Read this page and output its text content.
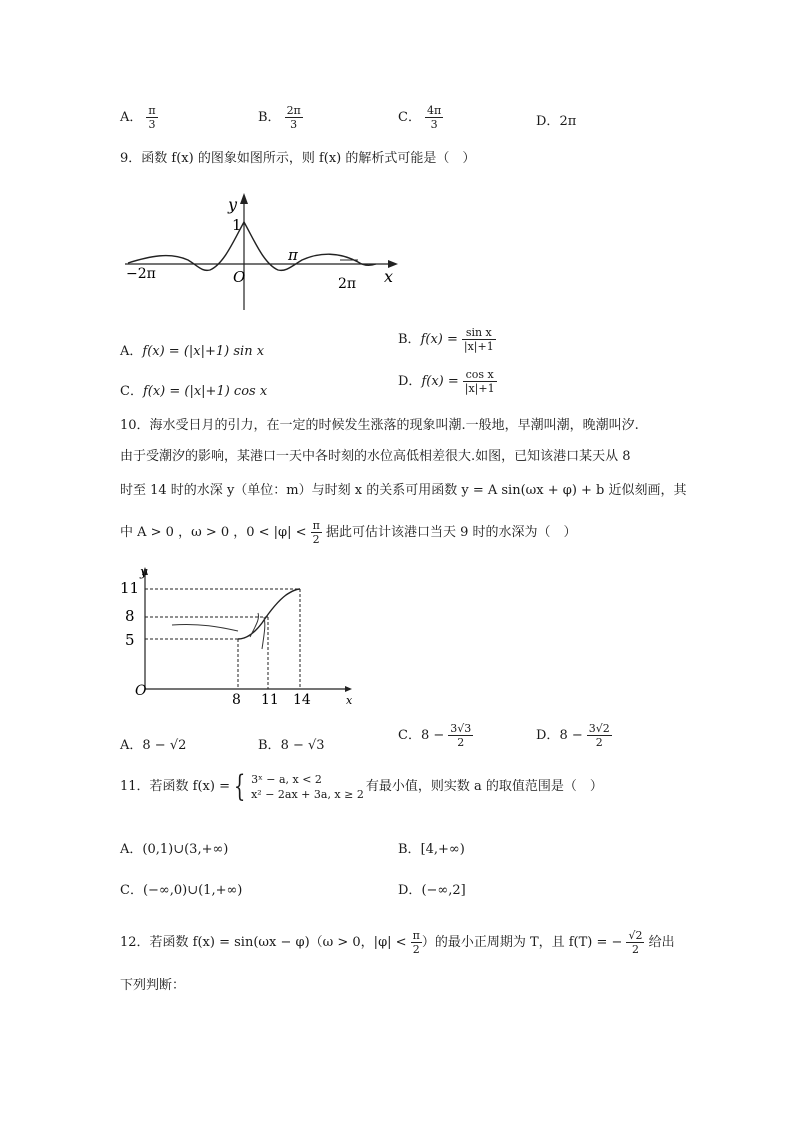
A． $\frac{\pi}{3}$	B． $\frac{2\pi}{3}$	C． $\frac{4\pi}{3}$	D．2π
9．函数 f(x) 的图象如图所示，则 f(x) 的解析式可能是（　）
y
1
O
π
−2π
2π x
A．f(x) = (|x|+1) sin x
B．$f(x) = \frac{\text{sin x}}{|x|+1}$
C．f(x) = (|x|+1) cos x
D．$f(x) = \frac{\text{cos x}}{|x|+1}$
10．海水受日月的引力，在一定的时候发生涨落的现象叫潮.一般地，早潮叫潮，晚潮叫汐.
由于受潮汐的影响，某港口一天中各时刻的水位高低相差很大.如图，已知该港口某天从 8
时至 14 时的水深 y（单位：m）与时刻 x 的关系可用函数 y = A sin(ωx + φ) + b 近似刻画，其
中 A > 0 ，ω > 0 ，$0 < |\varphi| < \frac{\pi}{2}$ 据此可估计该港口当天 9 时的水深为（　）
y
11
8
5
O
8 11 14	x
A．8 − √2	B．8 − √3
C．$8 - \frac{3√3}{2}$	D．$8 - \frac{3√2}{2}$
11．若函数 f(x) = { 3ˣ − a, x < 2
x² − 2ax + 3a, x ≥ 2
有最小值，则实数 a 的取值范围是（　）
A．(0,1)∪(3,+∞)	B．[4,+∞)
C．(−∞,0)∪(1,+∞)	D．(−∞,2]
12．若函数 f(x) = sin(ωx − φ)（ω > 0，$|\varphi| < \frac{\pi}{2}$ ）的最小正周期为 T，且 f(T) = − $\frac{√2}{2}$ 给出
下列判断：
